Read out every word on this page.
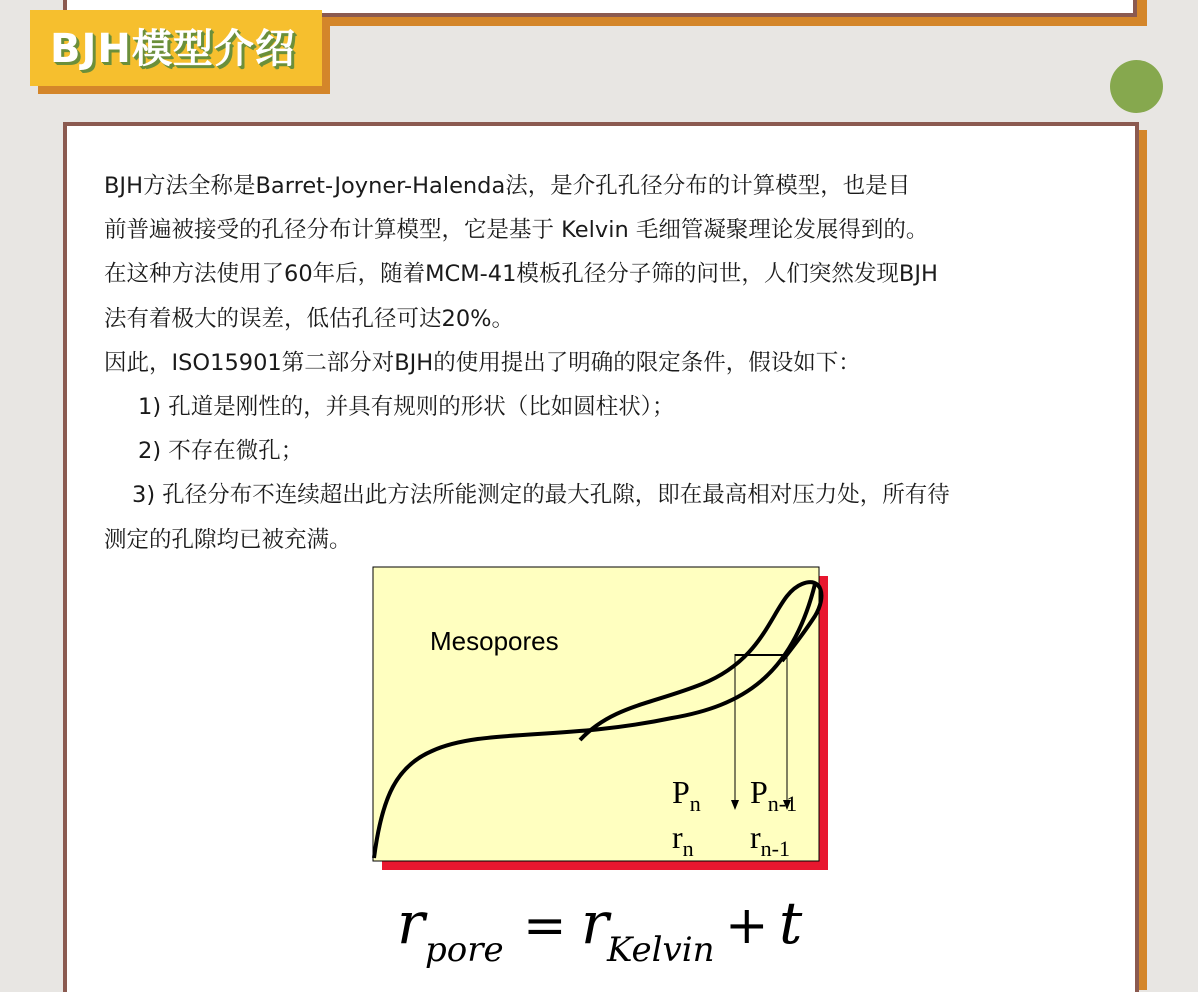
BJH模型介绍
BJH方法全称是Barret-Joyner-Halenda法，是介孔孔径分布的计算模型，也是目
前普遍被接受的孔径分布计算模型，它是基于 Kelvin 毛细管凝聚理论发展得到的。
在这种方法使用了60年后，随着MCM-41模板孔径分子筛的问世，人们突然发现BJH
法有着极大的误差，低估孔径可达20%。
因此，ISO15901第二部分对BJH的使用提出了明确的限定条件，假设如下：
1) 孔道是刚性的，并具有规则的形状（比如圆柱状）；
2) 不存在微孔；
3) 孔径分布不连续超出此方法所能测定的最大孔隙，即在最高相对压力处，所有待
测定的孔隙均已被充满。
Mesopores
$P_n$ $P_{n-1}$
$r_n$ $r_{n-1}$
r pore = r
Kelvin + t
